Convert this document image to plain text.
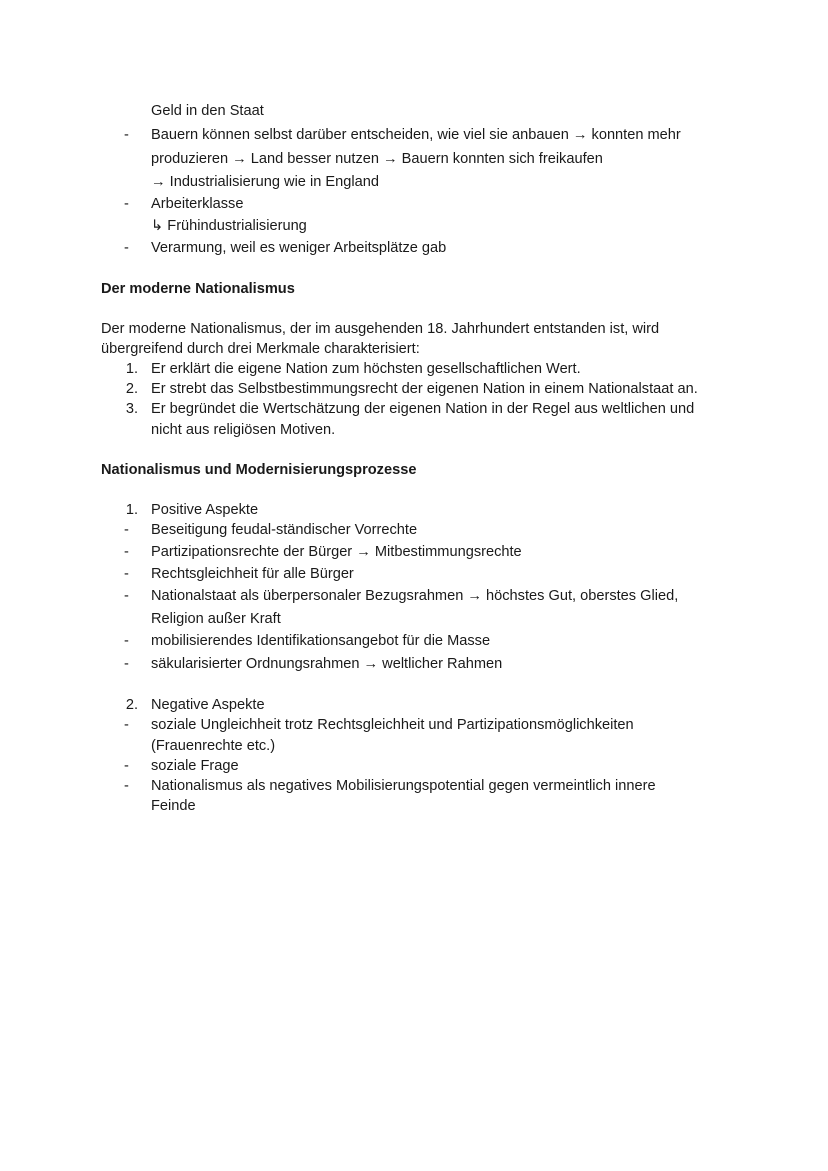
Geld in den Staat
- Bauern können selbst darüber entscheiden, wie viel sie anbauen → konnten mehr
produzieren → Land besser nutzen → Bauern konnten sich freikaufen
→ Industrialisierung wie in England
- Arbeiterklasse
↳ Frühindustrialisierung
- Verarmung, weil es weniger Arbeitsplätze gab
Der moderne Nationalismus
Der moderne Nationalismus, der im ausgehenden 18. Jahrhundert entstanden ist, wird
übergreifend durch drei Merkmale charakterisiert:
1. Er erklärt die eigene Nation zum höchsten gesellschaftlichen Wert.
2. Er strebt das Selbstbestimmungsrecht der eigenen Nation in einem Nationalstaat an.
3. Er begründet die Wertschätzung der eigenen Nation in der Regel aus weltlichen und
nicht aus religiösen Motiven.
Nationalismus und Modernisierungsprozesse
1. Positive Aspekte
- Beseitigung feudal-ständischer Vorrechte
- Partizipationsrechte der Bürger → Mitbestimmungsrechte
- Rechtsgleichheit für alle Bürger
- Nationalstaat als überpersonaler Bezugsrahmen → höchstes Gut, oberstes Glied,
Religion außer Kraft
- mobilisierendes Identifikationsangebot für die Masse
- säkularisierter Ordnungsrahmen → weltlicher Rahmen
2. Negative Aspekte
- soziale Ungleichheit trotz Rechtsgleichheit und Partizipationsmöglichkeiten
(Frauenrechte etc.)
- soziale Frage
- Nationalismus als negatives Mobilisierungspotential gegen vermeintlich innere
Feinde
